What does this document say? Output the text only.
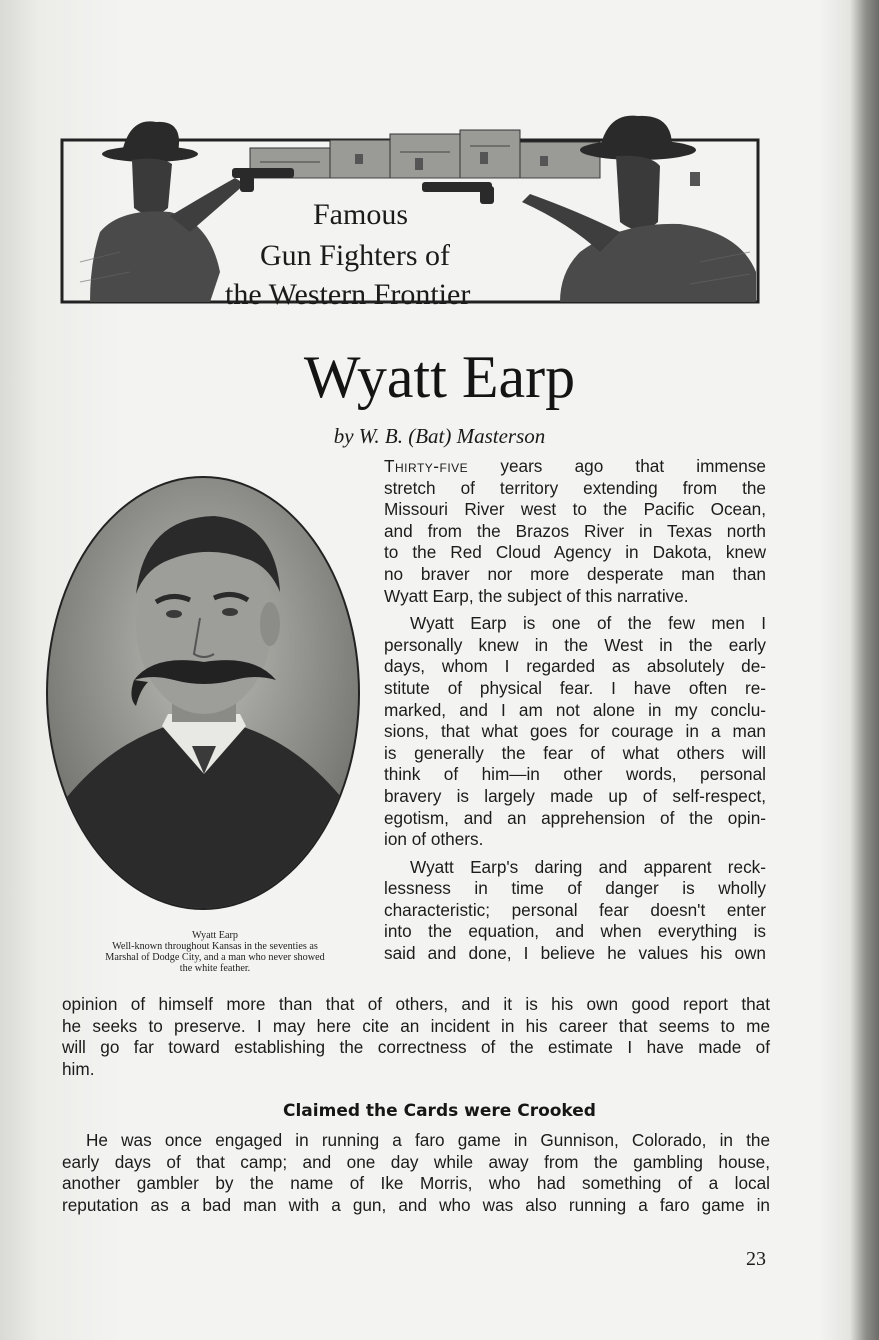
Famous
Gun Fighters of
the Western Frontier
Wyatt Earp
by W. B. (Bat) Masterson
Wyatt Earp
Well-known throughout Kansas in the seventies as
Marshal of Dodge City, and a man who never showed
the white feather.

Thirty-five years ago that immense
stretch of territory extending from the
Missouri River west to the Pacific Ocean,
and from the Brazos River in Texas north
to the Red Cloud Agency in Dakota, knew
no braver nor more desperate man than
Wyatt Earp, the subject of this narrative.

Wyatt Earp is one of the few men I
personally knew in the West in the early
days, whom I regarded as absolutely de-
stitute of physical fear. I have often re-
marked, and I am not alone in my conclu-
sions, that what goes for courage in a man
is generally the fear of what others will
think of him—in other words, personal
bravery is largely made up of self-respect,
egotism, and an apprehension of the opin-
ion of others.

Wyatt Earp's daring and apparent reck-
lessness in time of danger is wholly
characteristic; personal fear doesn't enter
into the equation, and when everything is
said and done, I believe he values his own

opinion of himself more than that of others, and it is his own good report that
he seeks to preserve. I may here cite an incident in his career that seems to me
will go far toward establishing the correctness of the estimate I have made of
him.
Claimed the Cards were Crooked
He was once engaged in running a faro game in Gunnison, Colorado, in the
early days of that camp; and one day while away from the gambling house,
another gambler by the name of Ike Morris, who had something of a local
reputation as a bad man with a gun, and who was also running a faro game in
23
